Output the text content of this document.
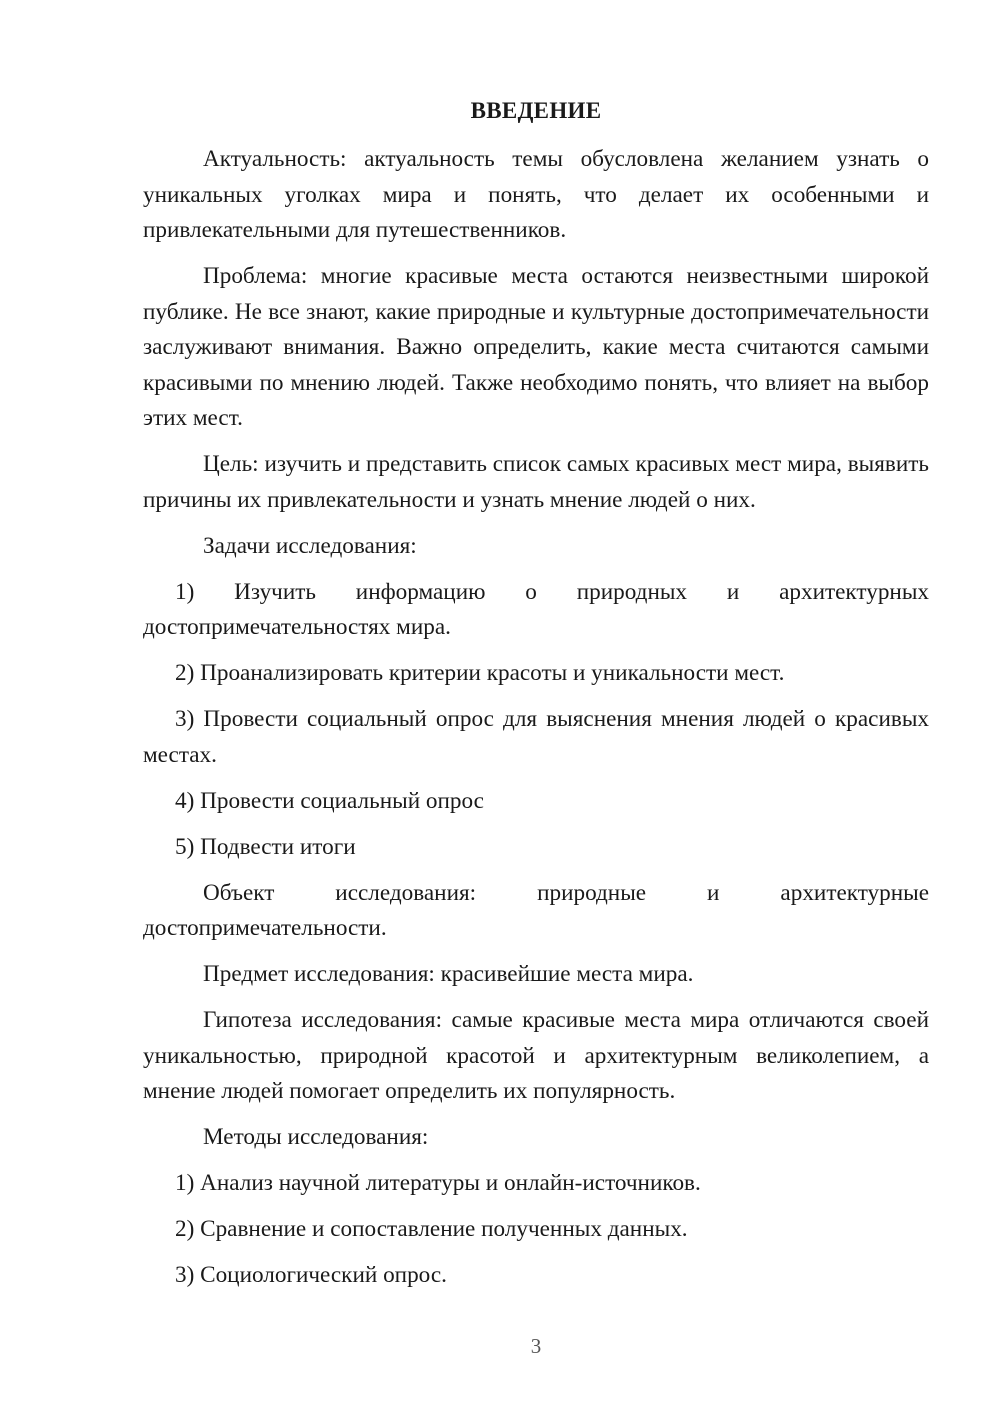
ВВЕДЕНИЕ

Актуальность: актуальность темы обусловлена желанием узнать о уникальных уголках мира и понять, что делает их особенными и привлекательными для путешественников.

Проблема: многие красивые места остаются неизвестными широкой публике. Не все знают, какие природные и культурные достопримечательности заслуживают внимания. Важно определить, какие места считаются самыми красивыми по мнению людей. Также необходимо понять, что влияет на выбор этих мест.

Цель: изучить и представить список самых красивых мест мира, выявить причины их привлекательности и узнать мнение людей о них.

Задачи исследования:

1) Изучить информацию о природных и архитектурных достопримечательностях мира.

2) Проанализировать критерии красоты и уникальности мест.

3) Провести социальный опрос для выяснения мнения людей о красивых местах.

4) Провести социальный опрос

5) Подвести итоги

Объект исследования: природные и архитектурные достопримечательности.

Предмет исследования: красивейшие места мира.

Гипотеза исследования: самые красивые места мира отличаются своей уникальностью, природной красотой и архитектурным великолепием, а мнение людей помогает определить их популярность.

Методы исследования:

1) Анализ научной литературы и онлайн-источников.

2) Сравнение и сопоставление полученных данных.

3) Социологический опрос.

3
